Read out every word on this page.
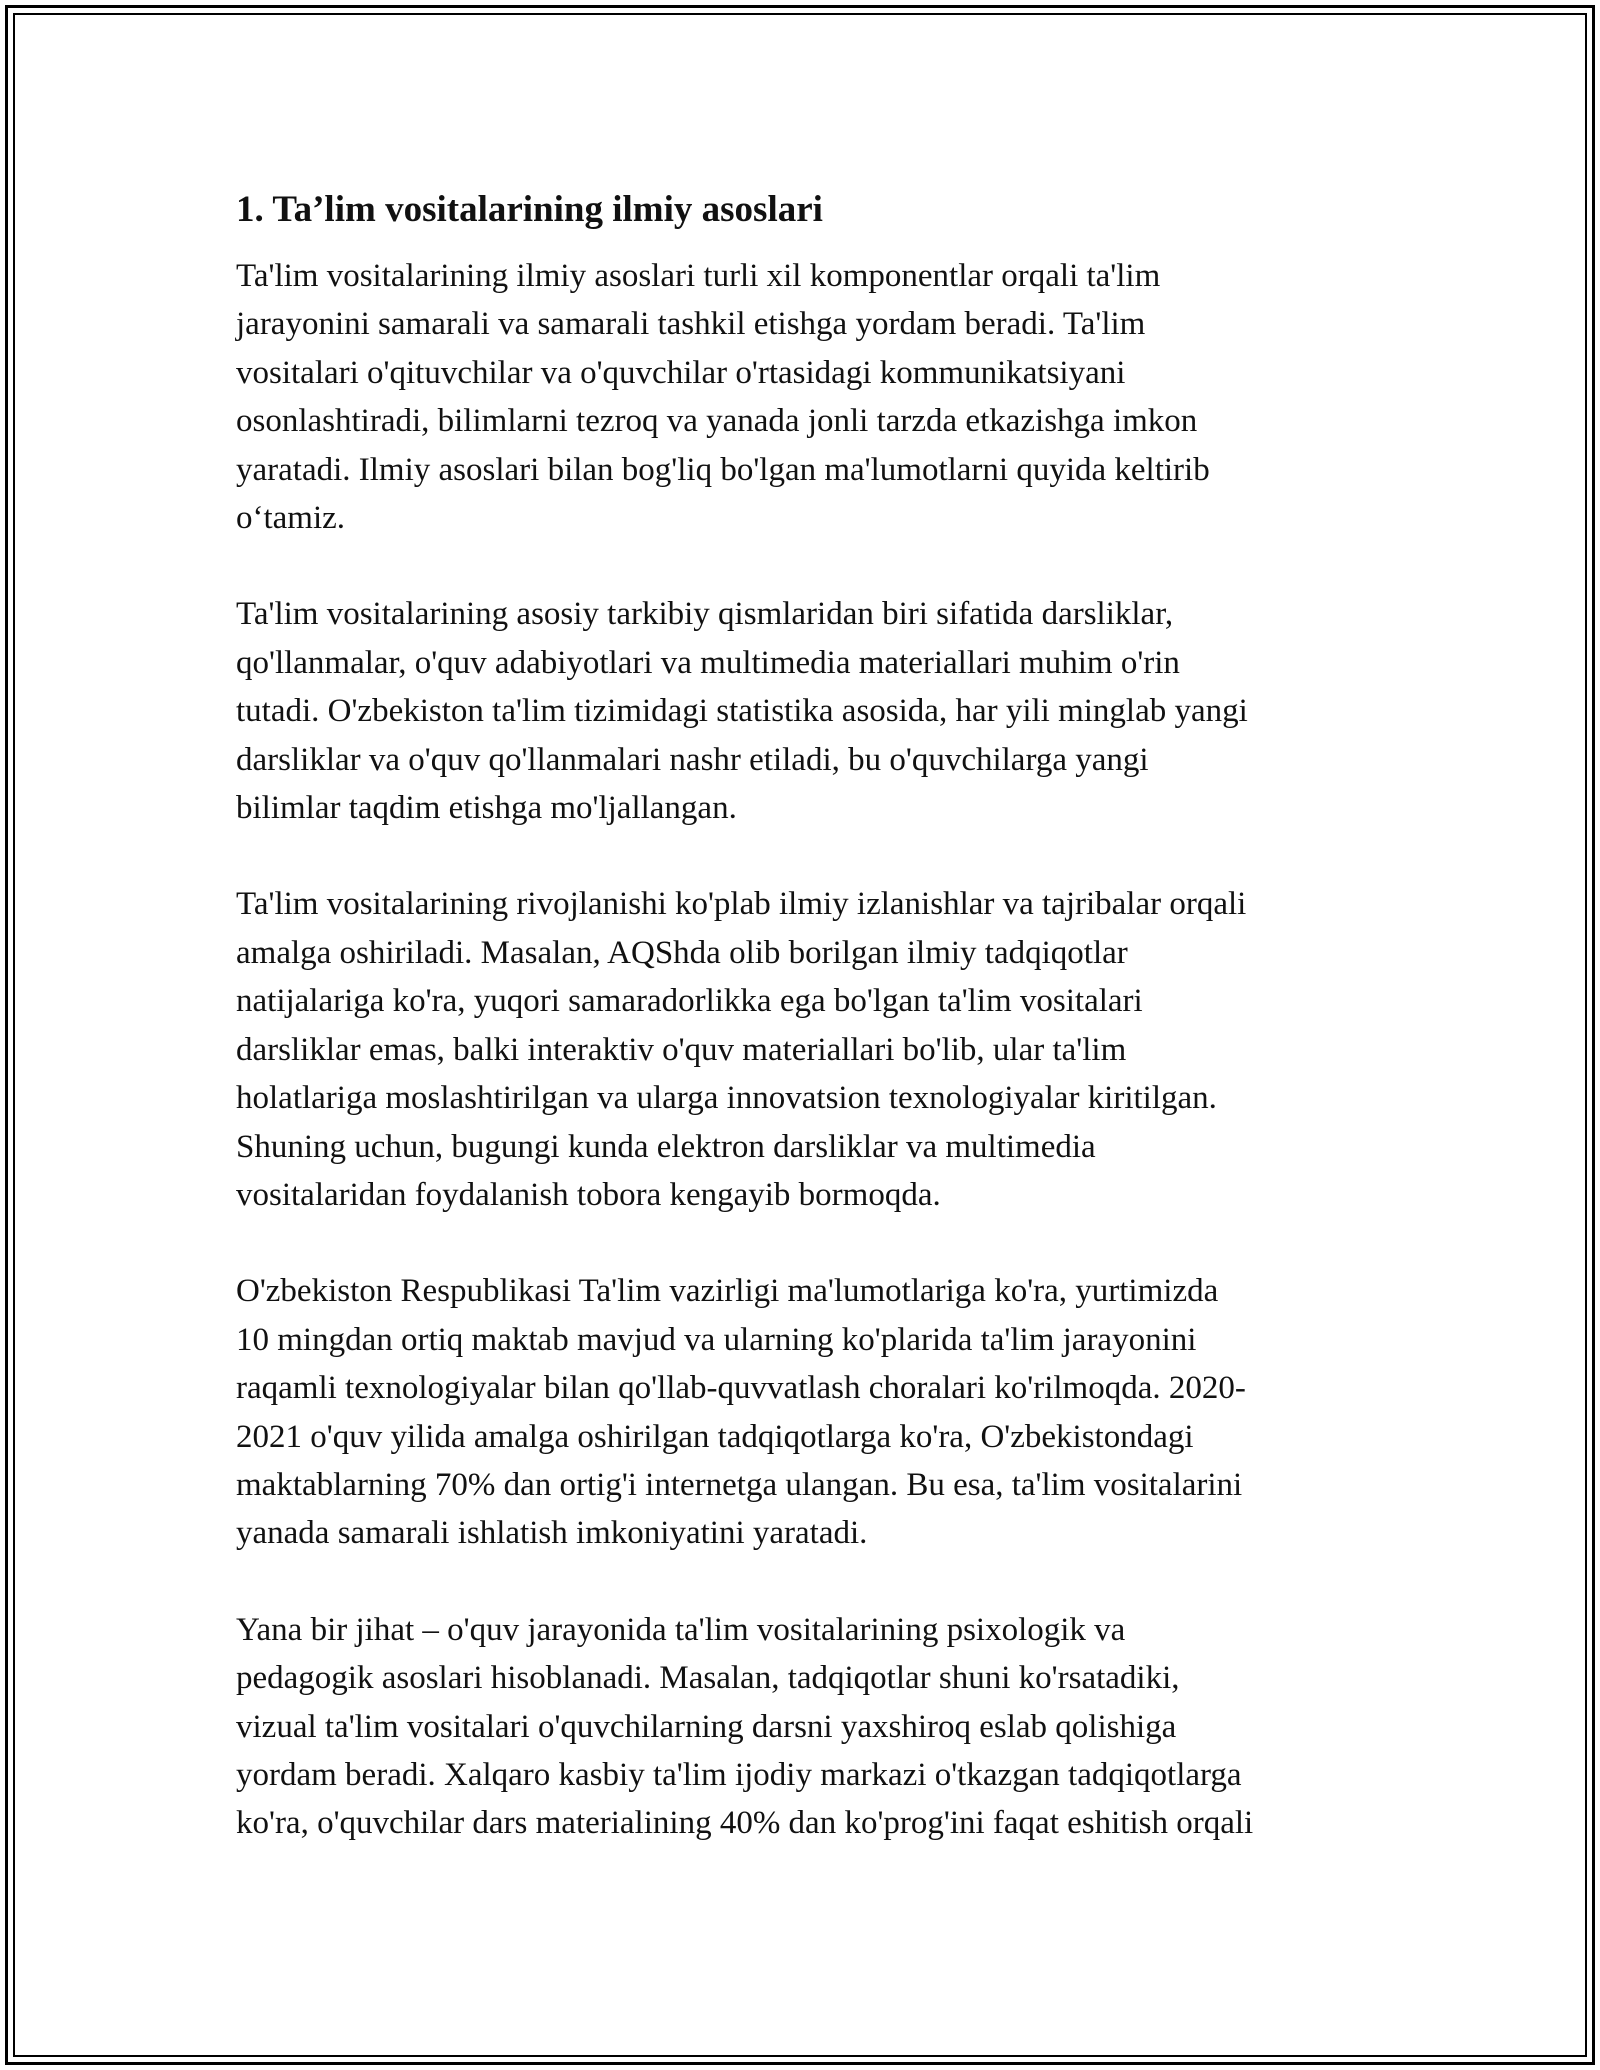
1. Ta’lim vositalarining ilmiy asoslari
Ta'lim vositalarining ilmiy asoslari turli xil komponentlar orqali ta'lim
jarayonini samarali va samarali tashkil etishga yordam beradi. Ta'lim
vositalari o'qituvchilar va o'quvchilar o'rtasidagi kommunikatsiyani
osonlashtiradi, bilimlarni tezroq va yanada jonli tarzda etkazishga imkon
yaratadi. Ilmiy asoslari bilan bog'liq bo'lgan ma'lumotlarni quyida keltirib
o‘tamiz.
Ta'lim vositalarining asosiy tarkibiy qismlaridan biri sifatida darsliklar,
qo'llanmalar, o'quv adabiyotlari va multimedia materiallari muhim o'rin
tutadi. O'zbekiston ta'lim tizimidagi statistika asosida, har yili minglab yangi
darsliklar va o'quv qo'llanmalari nashr etiladi, bu o'quvchilarga yangi
bilimlar taqdim etishga mo'ljallangan.
Ta'lim vositalarining rivojlanishi ko'plab ilmiy izlanishlar va tajribalar orqali
amalga oshiriladi. Masalan, AQShda olib borilgan ilmiy tadqiqotlar
natijalariga ko'ra, yuqori samaradorlikka ega bo'lgan ta'lim vositalari
darsliklar emas, balki interaktiv o'quv materiallari bo'lib, ular ta'lim
holatlariga moslashtirilgan va ularga innovatsion texnologiyalar kiritilgan.
Shuning uchun, bugungi kunda elektron darsliklar va multimedia
vositalaridan foydalanish tobora kengayib bormoqda.
O'zbekiston Respublikasi Ta'lim vazirligi ma'lumotlariga ko'ra, yurtimizda
10 mingdan ortiq maktab mavjud va ularning ko'plarida ta'lim jarayonini
raqamli texnologiyalar bilan qo'llab-quvvatlash choralari ko'rilmoqda. 2020-
2021 o'quv yilida amalga oshirilgan tadqiqotlarga ko'ra, O'zbekistondagi
maktablarning 70% dan ortig'i internetga ulangan. Bu esa, ta'lim vositalarini
yanada samarali ishlatish imkoniyatini yaratadi.
Yana bir jihat – o'quv jarayonida ta'lim vositalarining psixologik va
pedagogik asoslari hisoblanadi. Masalan, tadqiqotlar shuni ko'rsatadiki,
vizual ta'lim vositalari o'quvchilarning darsni yaxshiroq eslab qolishiga
yordam beradi. Xalqaro kasbiy ta'lim ijodiy markazi o'tkazgan tadqiqotlarga
ko'ra, o'quvchilar dars materialining 40% dan ko'prog'ini faqat eshitish orqali
